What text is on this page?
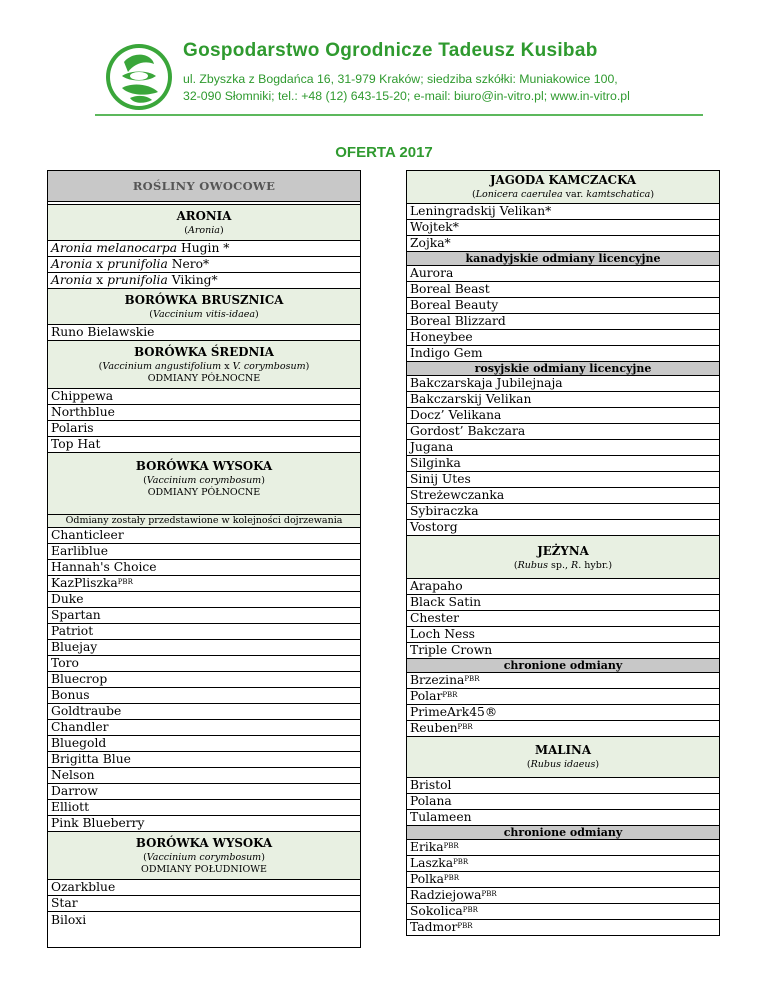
Gospodarstwo Ogrodnicze Tadeusz Kusibab
ul. Zbyszka z Bogdańca 16, 31-979 Kraków; siedziba szkółki: Muniakowice 100,
32-090 Słomniki; tel.: +48 (12) 643-15-20; e-mail: biuro@in-vitro.pl; www.in-vitro.pl
OFERTA 2017
ROŚLINY OWOCOWE

ARONIA
(Aronia)

Aronia melanocarpa Hugin *
Aronia x prunifolia Nero*
Aronia x prunifolia Viking*

BORÓWKA BRUSZNICA
(Vaccinium vitis-idaea)

Runo Bielawskie

BORÓWKA ŚREDNIA
(Vaccinium angustifolium x V. corymbosum)
ODMIANY PÓŁNOCNE

Chippewa
Northblue
Polaris
Top Hat

BORÓWKA WYSOKA
(Vaccinium corymbosum)
ODMIANY PÓŁNOCNE

Odmiany zostały przedstawione w kolejności dojrzewania
Chanticleer
Earliblue
Hannah's Choice
KazPliszka$^{PBR}$
Duke
Spartan
Patriot
Bluejay
Toro
Bluecrop
Bonus
Goldtraube
Chandler
Bluegold
Brigitta Blue
Nelson
Darrow
Elliott
Pink Blueberry

BORÓWKA WYSOKA
(Vaccinium corymbosum)
ODMIANY POŁUDNIOWE

Ozarkblue
Star
Biloxi

JAGODA KAMCZACKA
(Lonicera caerulea var. kamtschatica)

Leningradskij Velikan*
Wojtek*
Zojka*
kanadyjskie odmiany licencyjne
Aurora
Boreal Beast
Boreal Beauty
Boreal Blizzard
Honeybee
Indigo Gem
rosyjskie odmiany licencyjne
Bakczarskaja Jubilejnaja
Bakczarskij Velikan
Docz’ Velikana
Gordost’ Bakczara
Jugana
Silginka
Sinij Utes
Streżewczanka
Sybiraczka
Vostorg

JEŻYNA
(Rubus sp., R. hybr.)

Arapaho
Black Satin
Chester
Loch Ness
Triple Crown
chronione odmiany
Brzezina$^{PBR}$
Polar$^{PBR}$
PrimeArk45®
Reuben$^{PBR}$

MALINA
(Rubus idaeus)

Bristol
Polana
Tulameen
chronione odmiany
Erika$^{PBR}$
Laszka$^{PBR}$
Polka$^{PBR}$
Radziejowa$^{PBR}$
Sokolica$^{PBR}$
Tadmor$^{PBR}$
